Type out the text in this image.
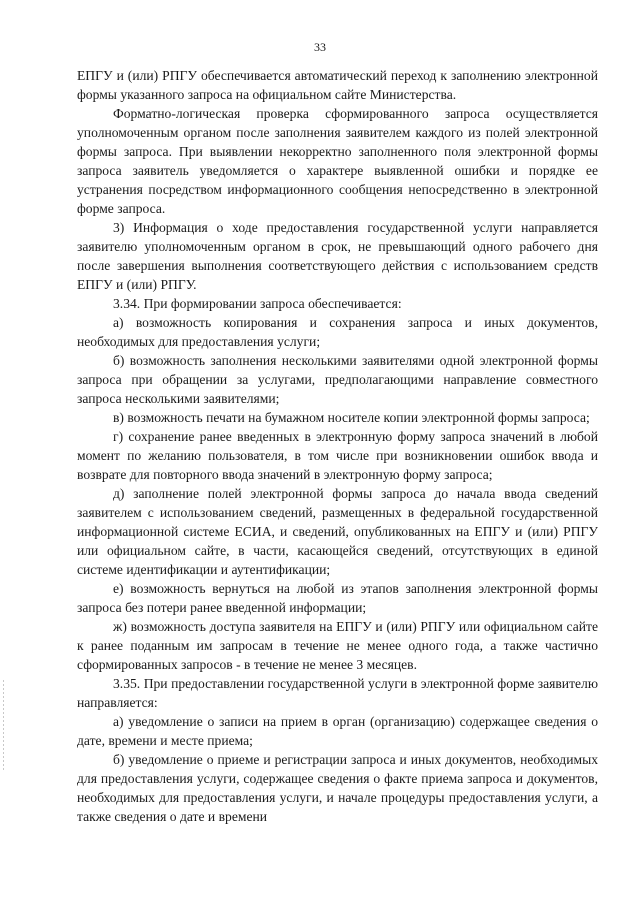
33

ЕПГУ и (или) РПГУ обеспечивается автоматический переход к заполнению электронной формы указанного запроса на официальном сайте Министерства.

Форматно-логическая проверка сформированного запроса осуществляется уполномоченным органом после заполнения заявителем каждого из полей электронной формы запроса. При выявлении некорректно заполненного поля электронной формы запроса заявитель уведомляется о характере выявленной ошибки и порядке ее устранения посредством информационного сообщения непосредственно в электронной форме запроса.

3) Информация о ходе предоставления государственной услуги направляется заявителю уполномоченным органом в срок, не превышающий одного рабочего дня после завершения выполнения соответствующего действия с использованием средств ЕПГУ и (или) РПГУ.

3.34. При формировании запроса обеспечивается:

а) возможность копирования и сохранения запроса и иных документов, необходимых для предоставления услуги;

б) возможность заполнения несколькими заявителями одной электронной формы запроса при обращении за услугами, предполагающими направление совместного запроса несколькими заявителями;

в) возможность печати на бумажном носителе копии электронной формы запроса;

г) сохранение ранее введенных в электронную форму запроса значений в любой момент по желанию пользователя, в том числе при возникновении ошибок ввода и возврате для повторного ввода значений в электронную форму запроса;

д) заполнение полей электронной формы запроса до начала ввода сведений заявителем с использованием сведений, размещенных в федеральной государственной информационной системе ЕСИА, и сведений, опубликованных на ЕПГУ и (или) РПГУ или официальном сайте, в части, касающейся сведений, отсутствующих в единой системе идентификации и аутентификации;

е) возможность вернуться на любой из этапов заполнения электронной формы запроса без потери ранее введенной информации;

ж) возможность доступа заявителя на ЕПГУ и (или) РПГУ или официальном сайте к ранее поданным им запросам в течение не менее одного года, а также частично сформированных запросов - в течение не менее 3 месяцев.

3.35. При предоставлении государственной услуги в электронной форме заявителю направляется:

а) уведомление о записи на прием в орган (организацию) содержащее сведения о дате, времени и месте приема;

б) уведомление о приеме и регистрации запроса и иных документов, необходимых для предоставления услуги, содержащее сведения о факте приема запроса и документов, необходимых для предоставления услуги, и начале процедуры предоставления услуги, а также сведения о дате и времени
